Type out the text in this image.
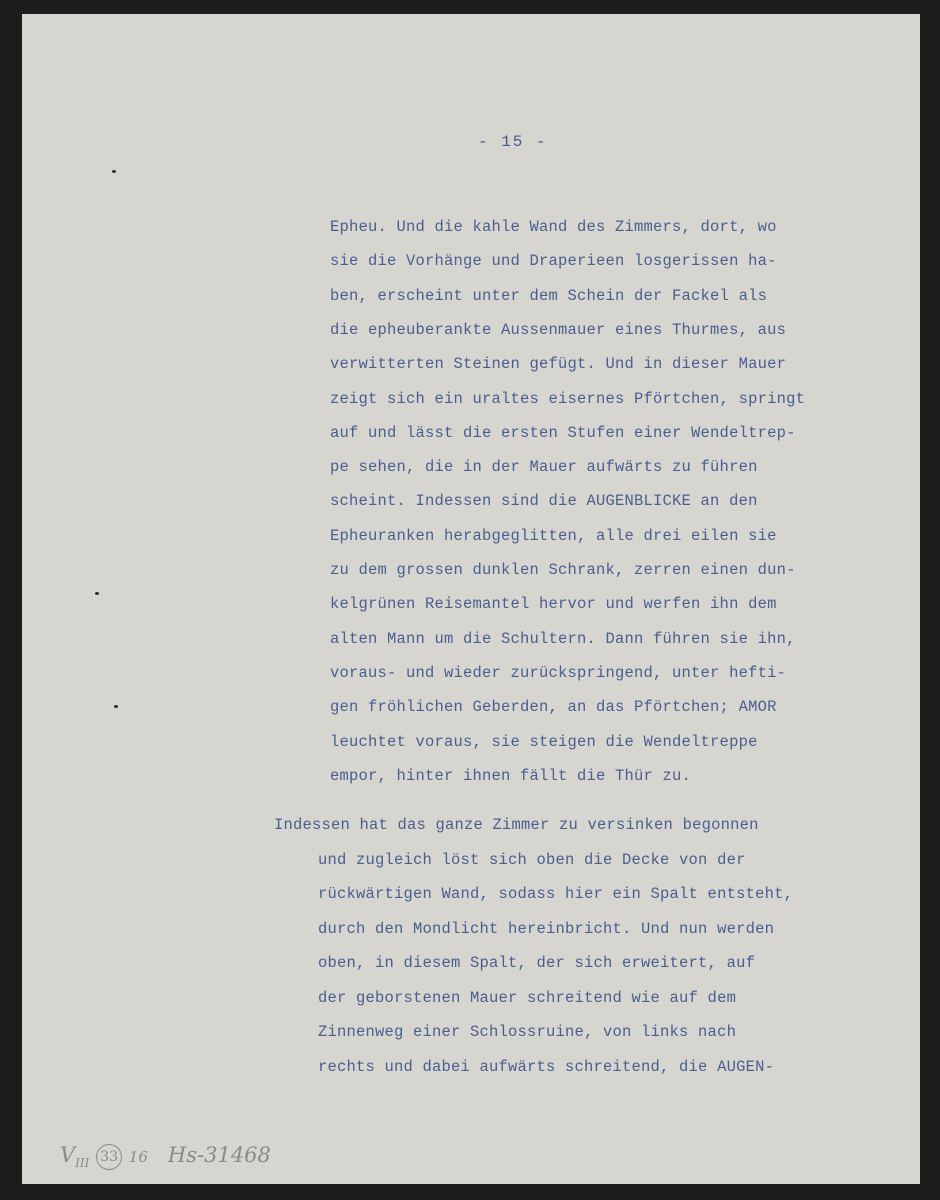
- 15 -
$V_{III}$ 33 16 Hs-31468
Epheu. Und die kahle Wand des Zimmers, dort, wo
sie die Vorhänge und Draperieen losgerissen ha-
ben, erscheint unter dem Schein der Fackel als
die epheuberankte Aussenmauer eines Thurmes, aus
verwitterten Steinen gefügt. Und in dieser Mauer
zeigt sich ein uraltes eisernes Pförtchen, springt
auf und lässt die ersten Stufen einer Wendeltrep-
pe sehen, die in der Mauer aufwärts zu führen
scheint. Indessen sind die AUGENBLICKE an den
Epheuranken herabgeglitten, alle drei eilen sie
zu dem grossen dunklen Schrank, zerren einen dun-
kelgrünen Reisemantel hervor und werfen ihn dem
alten Mann um die Schultern. Dann führen sie ihn,
voraus- und wieder zurückspringend, unter hefti-
gen fröhlichen Geberden, an das Pförtchen; AMOR
leuchtet voraus, sie steigen die Wendeltreppe
empor, hinter ihnen fällt die Thür zu.
Indessen hat das ganze Zimmer zu versinken begonnen
und zugleich löst sich oben die Decke von der
rückwärtigen Wand, sodass hier ein Spalt entsteht,
durch den Mondlicht hereinbricht. Und nun werden
oben, in diesem Spalt, der sich erweitert, auf
der geborstenen Mauer schreitend wie auf dem
Zinnenweg einer Schlossruine, von links nach
rechts und dabei aufwärts schreitend, die AUGEN-
